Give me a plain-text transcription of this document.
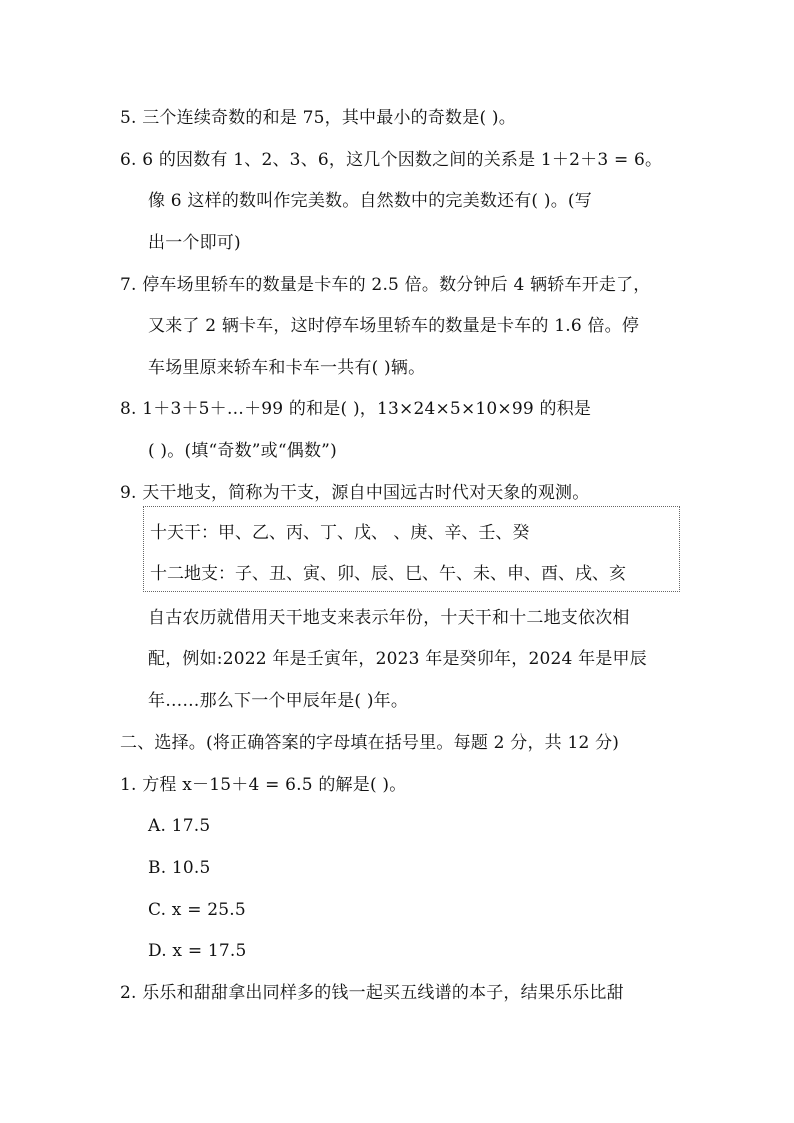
5. 三个连续奇数的和是 75，其中最小的奇数是( )。
6. 6 的因数有 1、2、3、6，这几个因数之间的关系是 1＋2＋3 = 6。
像 6 这样的数叫作完美数。自然数中的完美数还有( )。(写
出一个即可)
7. 停车场里轿车的数量是卡车的 2.5 倍。数分钟后 4 辆轿车开走了，
又来了 2 辆卡车，这时停车场里轿车的数量是卡车的 1.6 倍。停
车场里原来轿车和卡车一共有( )辆。
8. 1＋3＋5＋…＋99 的和是( )，13×24×5×10×99 的积是
( )。(填“奇数”或“偶数”)
9. 天干地支，简称为干支，源自中国远古时代对天象的观测。
十天干：甲、乙、丙、丁、戊、 、庚、辛、壬、癸
十二地支：子、丑、寅、卯、辰、巳、午、未、申、酉、戌、亥
自古农历就借用天干地支来表示年份，十天干和十二地支依次相
配，例如:2022 年是壬寅年，2023 年是癸卯年，2024 年是甲辰
年……那么下一个甲辰年是( )年。
二、选择。(将正确答案的字母填在括号里。每题 2 分，共 12 分)
1. 方程 x－15＋4 = 6.5 的解是( )。
A. 17.5
B. 10.5
C. x = 25.5
D. x = 17.5
2. 乐乐和甜甜拿出同样多的钱一起买五线谱的本子，结果乐乐比甜
